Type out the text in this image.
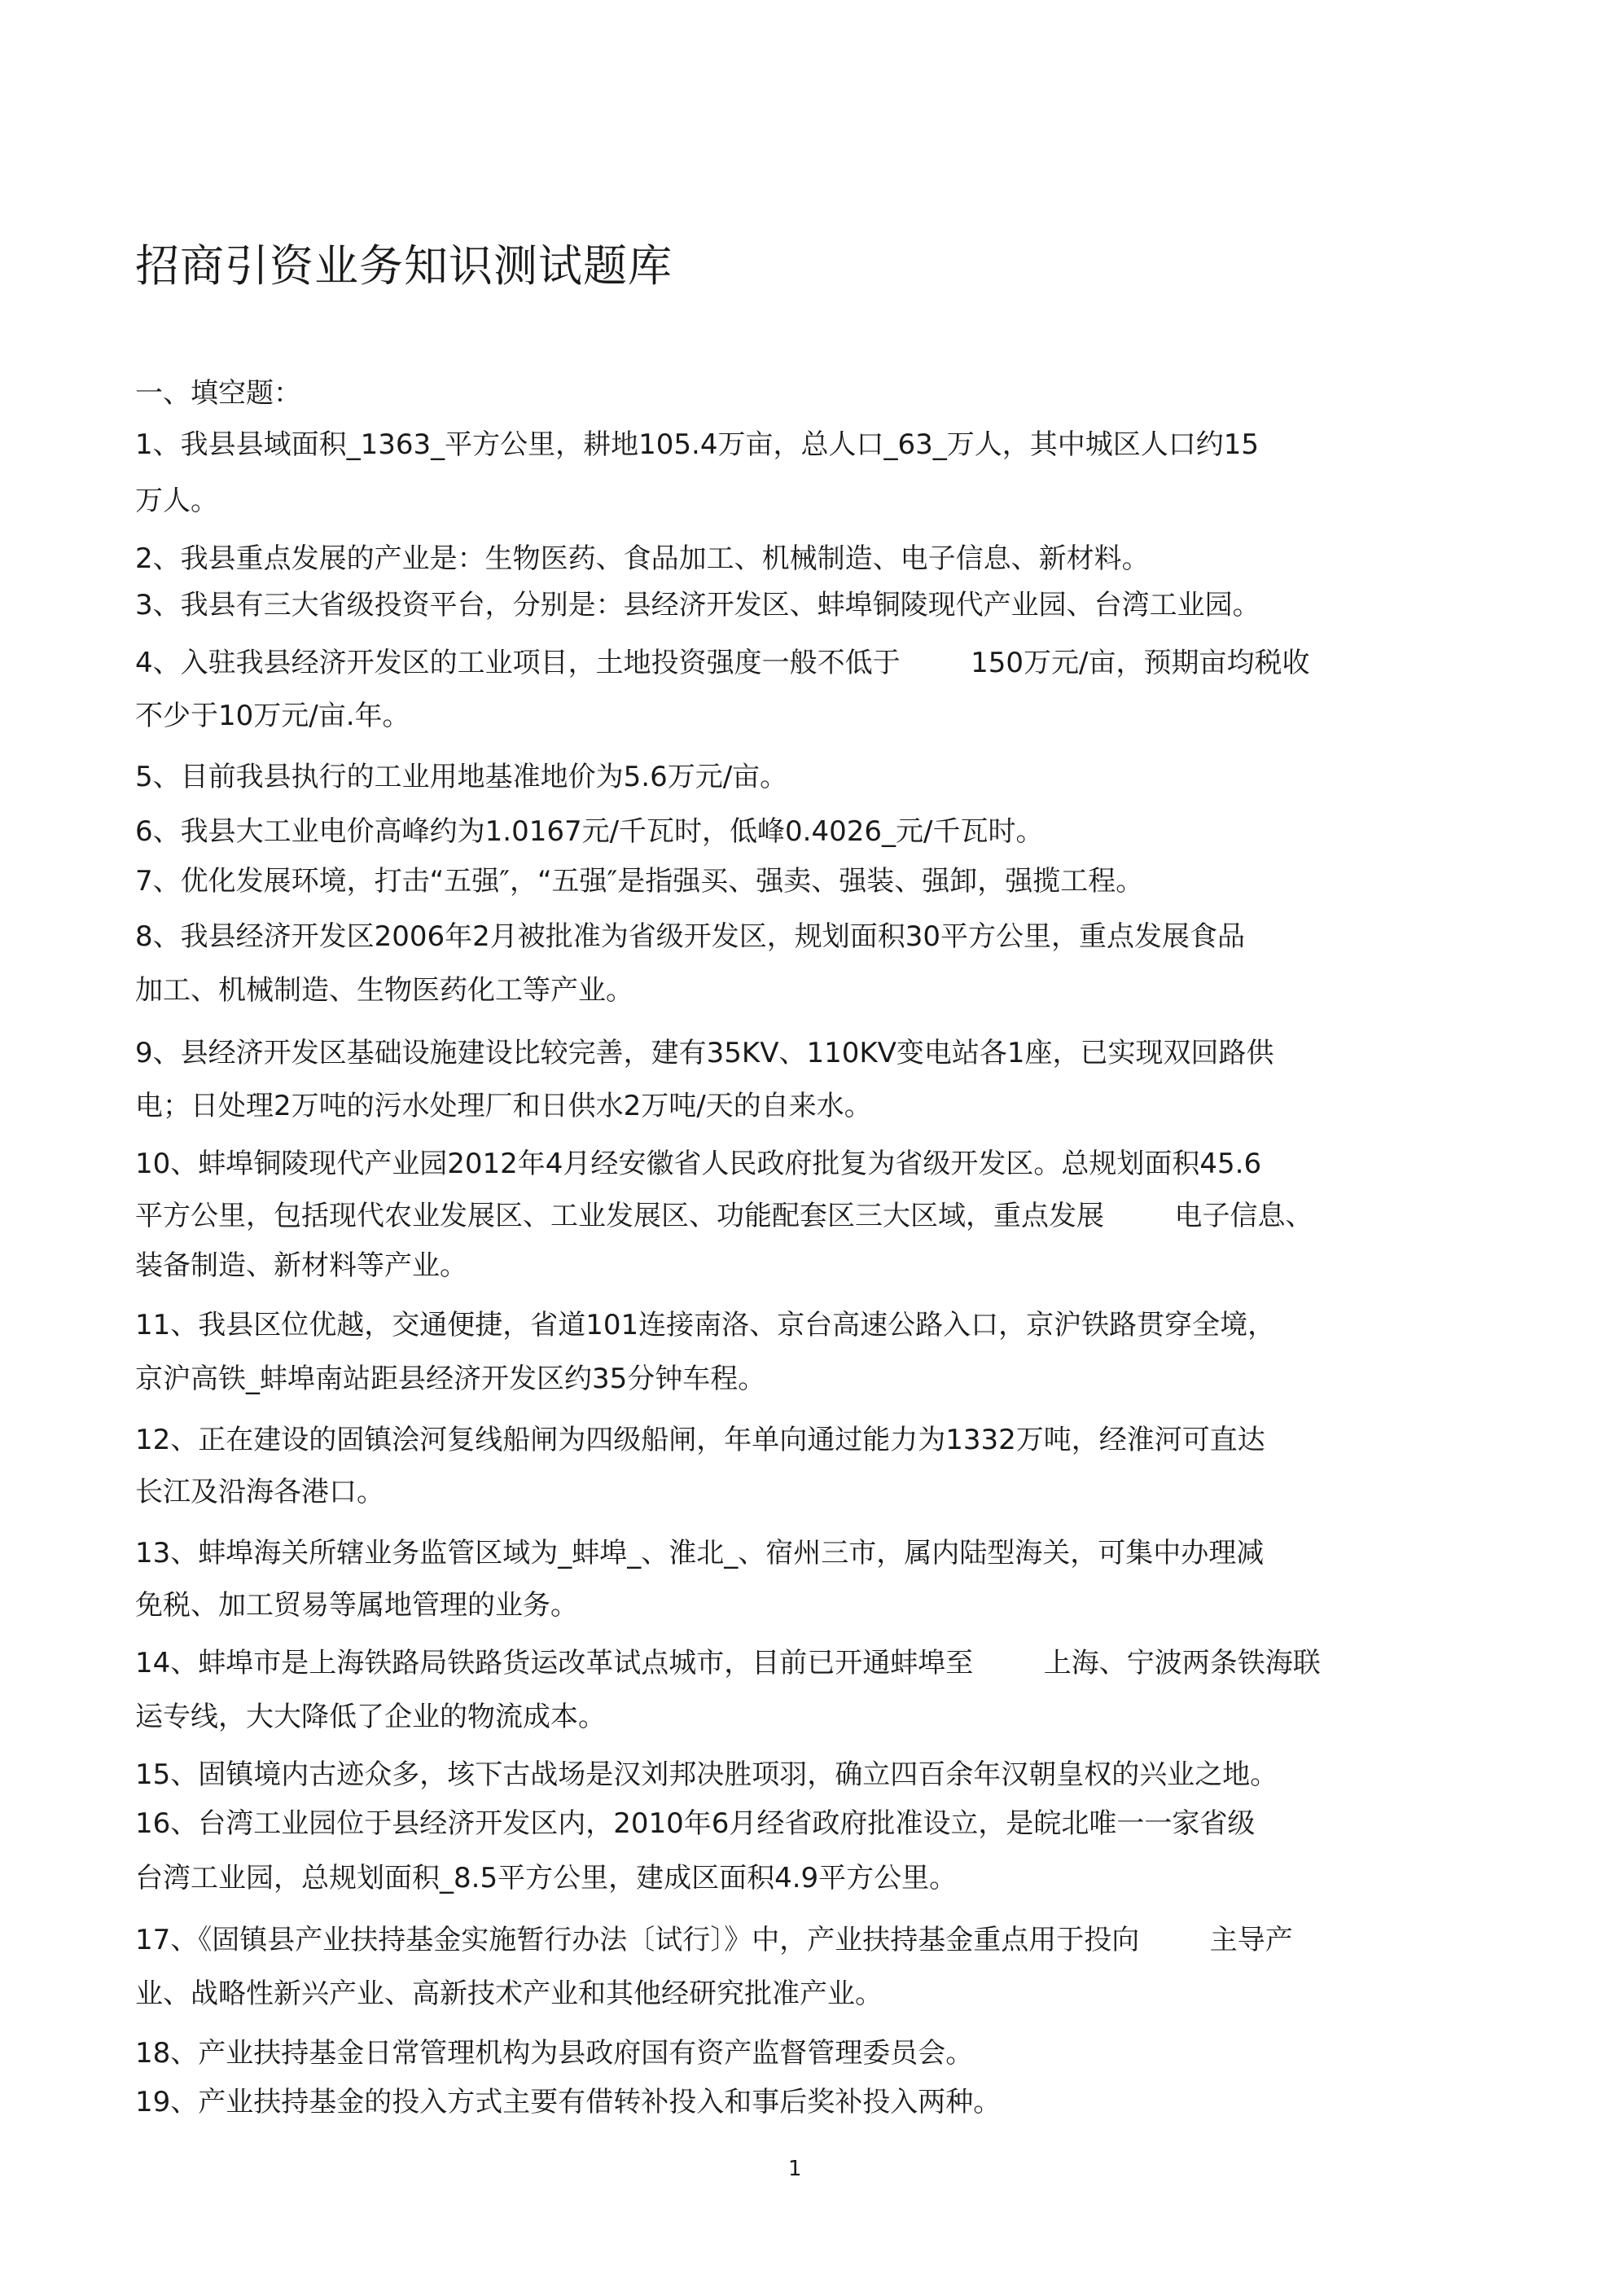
招商引资业务知识测试题库
一、填空题：
1、我县县域面积_1363_平方公里，耕地105.4万亩，总人口_63_万人，其中城区人口约15
万人。
2、我县重点发展的产业是：生物医药、食品加工、机械制造、电子信息、新材料。
3、我县有三大省级投资平台，分别是：县经济开发区、蚌埠铜陵现代产业园、台湾工业园。
4、入驻我县经济开发区的工业项目，土地投资强度一般不低于        150万元/亩，预期亩均税收
不少于10万元/亩.年。
5、目前我县执行的工业用地基准地价为5.6万元/亩。
6、我县大工业电价高峰约为1.0167元/千瓦时，低峰0.4026_元/千瓦时。
7、优化发展环境，打击“五强″，“五强″是指强买、强卖、强装、强卸，强揽工程。
8、我县经济开发区2006年2月被批准为省级开发区，规划面积30平方公里，重点发展食品
加工、机械制造、生物医药化工等产业。
9、县经济开发区基础设施建设比较完善，建有35KV、110KV变电站各1座，已实现双回路供
电；日处理2万吨的污水处理厂和日供水2万吨/天的自来水。
10、蚌埠铜陵现代产业园2012年4月经安徽省人民政府批复为省级开发区。总规划面积45.6
平方公里，包括现代农业发展区、工业发展区、功能配套区三大区域，重点发展        电子信息、
装备制造、新材料等产业。
11、我县区位优越，交通便捷，省道101连接南洛、京台高速公路入口，京沪铁路贯穿全境，
京沪高铁_蚌埠南站距县经济开发区约35分钟车程。
12、正在建设的固镇浍河复线船闸为四级船闸，年单向通过能力为1332万吨，经淮河可直达
长江及沿海各港口。
13、蚌埠海关所辖业务监管区域为_蚌埠_、淮北_、宿州三市，属内陆型海关，可集中办理减
免税、加工贸易等属地管理的业务。
14、蚌埠市是上海铁路局铁路货运改革试点城市，目前已开通蚌埠至        上海、宁波两条铁海联
运专线，大大降低了企业的物流成本。
15、固镇境内古迹众多，垓下古战场是汉刘邦决胜项羽，确立四百余年汉朝皇权的兴业之地。
16、台湾工业园位于县经济开发区内，2010年6月经省政府批准设立，是皖北唯一一家省级
台湾工业园，总规划面积_8.5平方公里，建成区面积4.9平方公里。
17、《固镇县产业扶持基金实施暂行办法〔试行〕》中，产业扶持基金重点用于投向        主导产
业、战略性新兴产业、高新技术产业和其他经研究批准产业。
18、产业扶持基金日常管理机构为县政府国有资产监督管理委员会。
19、产业扶持基金的投入方式主要有借转补投入和事后奖补投入两种。
1
